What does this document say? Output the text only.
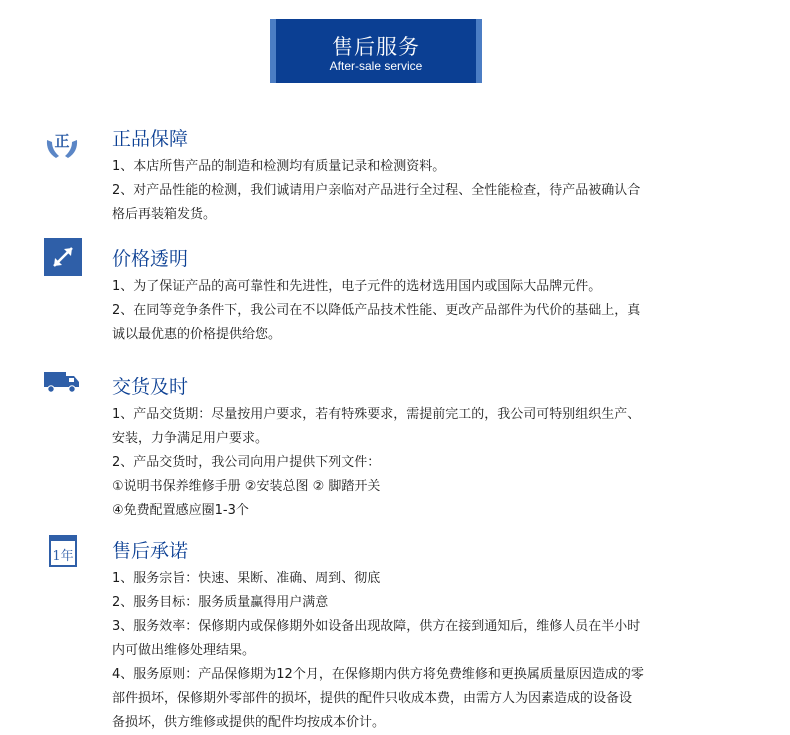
售后服务
After-sale service
正 正品保障
1、本店所售产品的制造和检测均有质量记录和检测资料。
2、对产品性能的检测，我们诚请用户亲临对产品进行全过程、全性能检查，待产品被确认合
格后再装箱发货。
价格透明
1、为了保证产品的高可靠性和先进性，电子元件的选材选用国内或国际大品牌元件。
2、在同等竞争条件下，我公司在不以降低产品技术性能、更改产品部件为代价的基础上，真
诚以最优惠的价格提供给您。
交货及时
1、产品交货期：尽量按用户要求，若有特殊要求，需提前完工的，我公司可特别组织生产、
安装，力争满足用户要求。
2、产品交货时，我公司向用户提供下列文件：
①说明书保养维修手册 ②安装总图 ② 脚踏开关
④免费配置感应圈1-3个
1年 售后承诺
1、服务宗旨：快速、果断、准确、周到、彻底
2、服务目标：服务质量赢得用户满意
3、服务效率：保修期内或保修期外如设备出现故障，供方在接到通知后，维修人员在半小时
内可做出维修处理结果。
4、服务原则：产品保修期为12个月，在保修期内供方将免费维修和更换属质量原因造成的零
部件损坏，保修期外零部件的损坏，提供的配件只收成本费，由需方人为因素造成的设备设
备损坏，供方维修或提供的配件均按成本价计。
